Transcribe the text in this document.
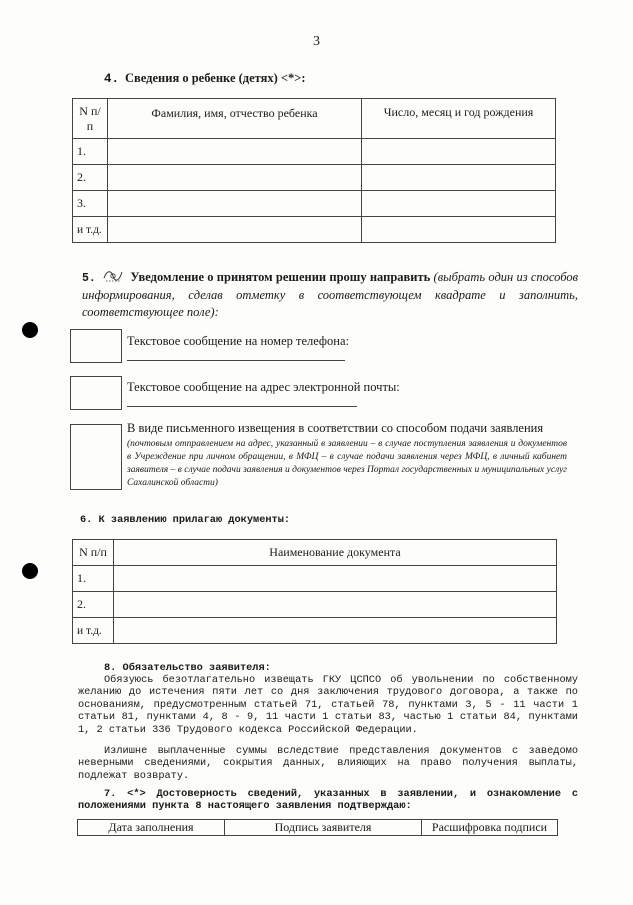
3
4. Сведения о ребенке (детях) <*>:
N п/п	Фамилия, имя, отчество ребенка	Число, месяц и год рождения
1.		
2.		
3.		
и т.д.		
5.	Уведомление о принятом решении прошу направить (выбрать один из способов информирования, сделав отметку в соответствующем квадрате и заполнить, соответствующее поле):
Текстовое сообщение на номер телефона:
Текстовое сообщение на адрес электронной почты:
В виде письменного извещения в соответствии со способом подачи заявления
(почтовым отправлением на адрес, указанный в заявлении – в случае поступления заявления и документов в Учреждение при личном обращении, в МФЦ – в случае подачи заявления через МФЦ, в личный кабинет заявителя – в случае подачи заявления и документов через Портал государственных и муниципальных услуг Сахалинской области)
6. К заявлению прилагаю документы:
N п/п	Наименование документа
1.	
2.	
и т.д.	
8. Обязательство заявителя:
Обязуюсь безотлагательно извещать ГКУ ЦСПСО об увольнении по собственному желанию до истечения пяти лет со дня заключения трудового договора, а также по основаниям, предусмотренным статьей 71, статьей 78, пунктами 3, 5 - 11 части 1 статьи 81, пунктами 4, 8 - 9, 11 части 1 статьи 83, частью 1 статьи 84, пунктами 1, 2 статьи 336 Трудового кодекса Российской Федерации.
Излишне выплаченные суммы вследствие представления документов с заведомо неверными сведениями, сокрытия данных, влияющих на право получения выплаты, подлежат возврату.
7. <*> Достоверность сведений, указанных в заявлении, и ознакомление с положениями пункта 8 настоящего заявления подтверждаю:
Дата заполнения	Подпись заявителя	Расшифровка подписи
